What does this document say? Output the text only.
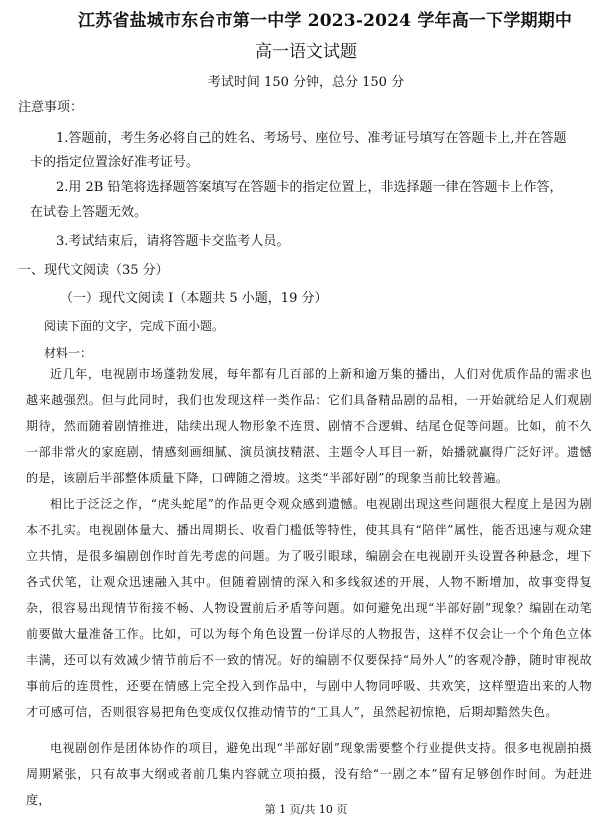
江苏省盐城市东台市第一中学 2023-2024 学年高一下学期期中
高一语文试题
考试时间 150 分钟，总分 150 分
注意事项：
1.答题前，考生务必将自己的姓名、考场号、座位号、准考证号填写在答题卡上,并在答题
卡的指定位置涂好准考证号。
2.用 2B 铅笔将选择题答案填写在答题卡的指定位置上，非选择题一律在答题卡上作答，
在试卷上答题无效。
3.考试结束后，请将答题卡交监考人员。
一、现代文阅读（35 分）
（一）现代文阅读 I（本题共 5 小题，19 分）
阅读下面的文字，完成下面小题。
材料一：
近几年，电视剧市场蓬勃发展，每年都有几百部的上新和逾万集的播出，人们对优质作品的需求也越来越强烈。但与此同时，我们也发现这样一类作品：它们具备精品剧的品相，一开始就给足人们观剧期待，然而随着剧情推进，陆续出现人物形象不连贯、剧情不合逻辑、结尾仓促等问题。比如，前不久一部非常火的家庭剧，情感刻画细腻、演员演技精湛、主题令人耳目一新，始播就赢得广泛好评。遗憾的是，该剧后半部整体质量下降，口碑随之滑坡。这类“半部好剧”的现象当前比较普遍。
相比于泛泛之作，“虎头蛇尾”的作品更令观众感到遗憾。电视剧出现这些问题很大程度上是因为剧本不扎实。电视剧体量大、播出周期长、收看门槛低等特性，使其具有“陪伴”属性，能否迅速与观众建立共情，是很多编剧创作时首先考虑的问题。为了吸引眼球，编剧会在电视剧开头设置各种悬念，埋下各式伏笔，让观众迅速融入其中。但随着剧情的深入和多线叙述的开展，人物不断增加，故事变得复杂，很容易出现情节衔接不畅、人物设置前后矛盾等问题。如何避免出现“半部好剧”现象？编剧在动笔前要做大量准备工作。比如，可以为每个角色设置一份详尽的人物报告，这样不仅会让一个个角色立体丰满，还可以有效减少情节前后不一致的情况。好的编剧不仅要保持“局外人”的客观冷静，随时审视故事前后的连贯性，还要在情感上完全投入到作品中，与剧中人物同呼吸、共欢笑，这样塑造出来的人物才可感可信，否则很容易把角色变成仅仅推动情节的“工具人”，虽然起初惊艳，后期却黯然失色。
电视剧创作是团体协作的项目，避免出现“半部好剧”现象需要整个行业提供支持。很多电视剧拍摄周期紧张，只有故事大纲或者前几集内容就立项拍摄，没有给“一剧之本”留有足够创作时间。为赶进度，
第 1 页/共 10 页
